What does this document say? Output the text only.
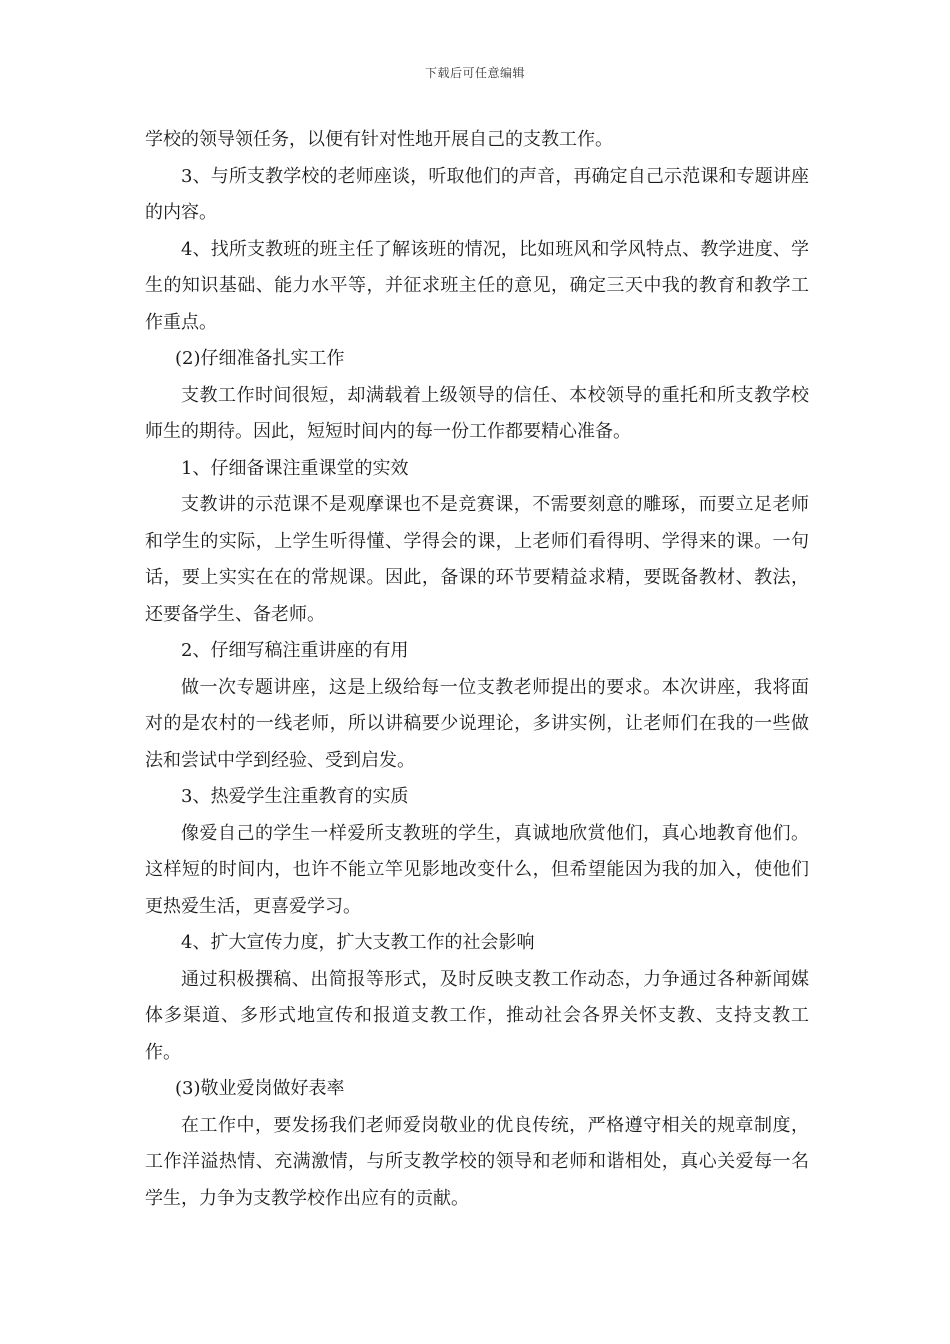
下载后可任意编辑

学校的领导领任务，以便有针对性地开展自己的支教工作。

3、与所支教学校的老师座谈，听取他们的声音，再确定自己示范课和专题讲座的内容。

4、找所支教班的班主任了解该班的情况，比如班风和学风特点、教学进度、学生的知识基础、能力水平等，并征求班主任的意见，确定三天中我的教育和教学工作重点。

(2)仔细准备扎实工作

支教工作时间很短，却满载着上级领导的信任、本校领导的重托和所支教学校师生的期待。因此，短短时间内的每一份工作都要精心准备。

1、仔细备课注重课堂的实效

支教讲的示范课不是观摩课也不是竞赛课，不需要刻意的雕琢，而要立足老师和学生的实际，上学生听得懂、学得会的课，上老师们看得明、学得来的课。一句话，要上实实在在的常规课。因此，备课的环节要精益求精，要既备教材、教法，还要备学生、备老师。

2、仔细写稿注重讲座的有用

做一次专题讲座，这是上级给每一位支教老师提出的要求。本次讲座，我将面对的是农村的一线老师，所以讲稿要少说理论，多讲实例，让老师们在我的一些做法和尝试中学到经验、受到启发。

3、热爱学生注重教育的实质

像爱自己的学生一样爱所支教班的学生，真诚地欣赏他们，真心地教育他们。这样短的时间内，也许不能立竿见影地改变什么，但希望能因为我的加入，使他们更热爱生活，更喜爱学习。

4、扩大宣传力度，扩大支教工作的社会影响

通过积极撰稿、出简报等形式，及时反映支教工作动态，力争通过各种新闻媒体多渠道、多形式地宣传和报道支教工作，推动社会各界关怀支教、支持支教工作。

(3)敬业爱岗做好表率

在工作中，要发扬我们老师爱岗敬业的优良传统，严格遵守相关的规章制度，工作洋溢热情、充满激情，与所支教学校的领导和老师和谐相处，真心关爱每一名学生，力争为支教学校作出应有的贡献。
